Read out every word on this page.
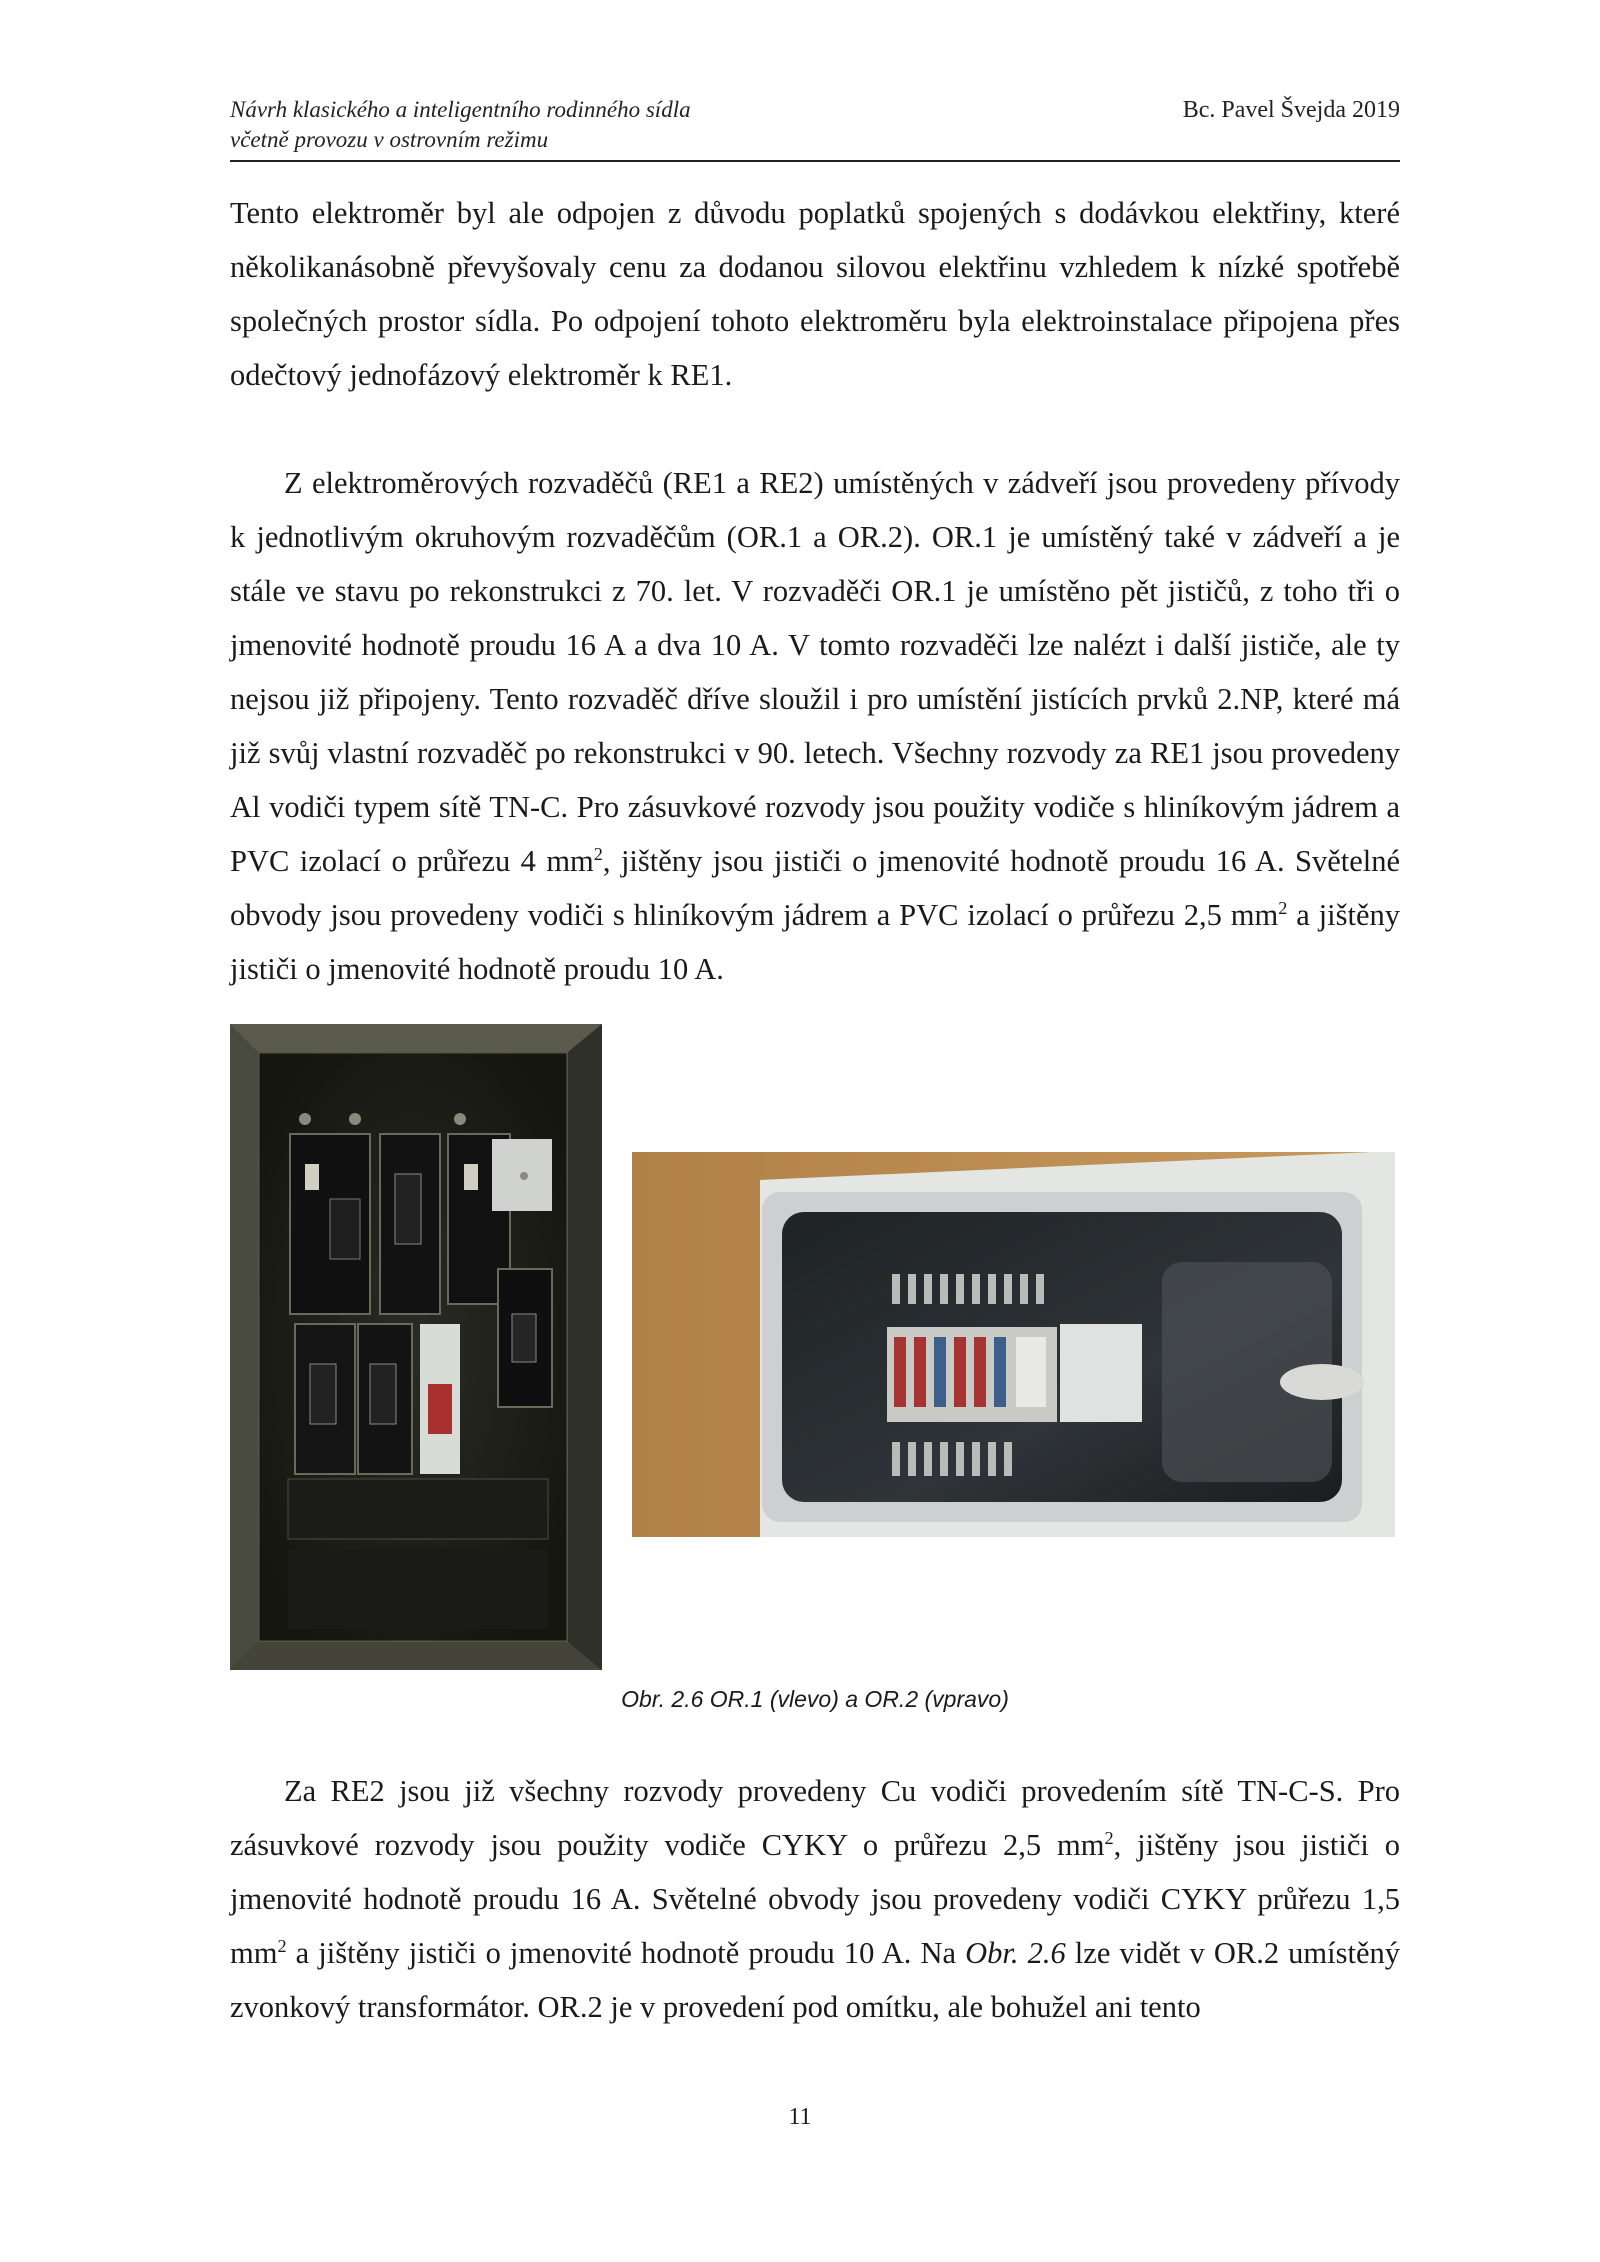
Návrh klasického a inteligentního rodinného sídla
včetně provozu v ostrovním režimu
Bc. Pavel Švejda 2019

Tento elektroměr byl ale odpojen z důvodu poplatků spojených s dodávkou elektřiny, které několikanásobně převyšovaly cenu za dodanou silovou elektřinu vzhledem k nízké spotřebě společných prostor sídla. Po odpojení tohoto elektroměru byla elektroinstalace připojena přes odečtový jednofázový elektroměr k RE1.

Z elektroměrových rozvaděčů (RE1 a RE2) umístěných v zádveří jsou provedeny přívody k jednotlivým okruhovým rozvaděčům (OR.1 a OR.2). OR.1 je umístěný také v zádveří a je stále ve stavu po rekonstrukci z 70. let. V rozvaděči OR.1 je umístěno pět jističů, z toho tři o jmenovité hodnotě proudu 16 A a dva 10 A. V tomto rozvaděči lze nalézt i další jističe, ale ty nejsou již připojeny. Tento rozvaděč dříve sloužil i pro umístění jistících prvků 2.NP, které má již svůj vlastní rozvaděč po rekonstrukci v 90. letech. Všechny rozvody za RE1 jsou provedeny Al vodiči typem sítě TN-C. Pro zásuvkové rozvody jsou použity vodiče s hliníkovým jádrem a PVC izolací o průřezu 4 $mm^2$, jištěny jsou jističi o jmenovité hodnotě proudu 16 A. Světelné obvody jsou provedeny vodiči s hliníkovým jádrem a PVC izolací o průřezu 2,5 $mm^2$ a jištěny jističi o jmenovité hodnotě proudu 10 A.

Obr. 2.6 OR.1 (vlevo) a OR.2 (vpravo)

Za RE2 jsou již všechny rozvody provedeny Cu vodiči provedením sítě TN-C-S. Pro zásuvkové rozvody jsou použity vodiče CYKY o průřezu 2,5 $mm^2$, jištěny jsou jističi o jmenovité hodnotě proudu 16 A. Světelné obvody jsou provedeny vodiči CYKY průřezu 1,5 $mm^2$ a jištěny jističi o jmenovité hodnotě proudu 10 A. Na Obr. 2.6 lze vidět v OR.2 umístěný zvonkový transformátor. OR.2 je v provedení pod omítku, ale bohužel ani tento

11
